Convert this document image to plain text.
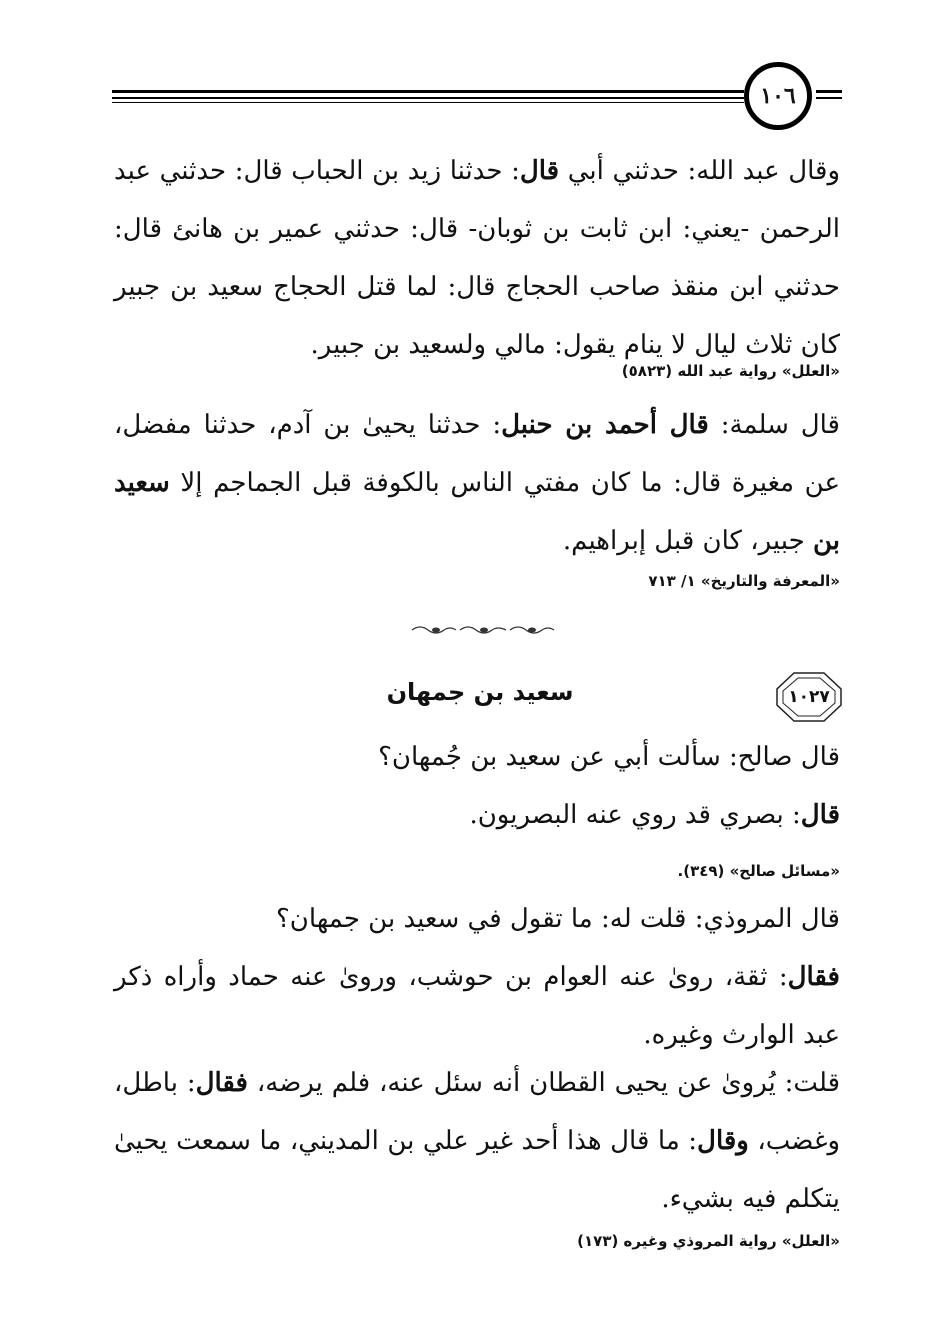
١٠٦

وقال عبد الله: حدثني أبي قال: حدثنا زيد بن الحباب قال: حدثني عبد الرحمن -يعني: ابن ثابت بن ثوبان- قال: حدثني عمير بن هانئ قال: حدثني ابن منقذ صاحب الحجاج قال: لما قتل الحجاج سعيد بن جبير كان ثلاث ليال لا ينام يقول: مالي ولسعيد بن جبير.

«العلل» رواية عبد الله (٥٨٢٣)

قال سلمة: قال أحمد بن حنبل: حدثنا يحيىٰ بن آدم، حدثنا مفضل، عن مغيرة قال: ما كان مفتي الناس بالكوفة قبل الجماجم إلا سعيد بن جبير، كان قبل إبراهيم.

«المعرفة والتاريخ» ١/ ٧١٣
١٠٢٧
سعيد بن جمهان

قال صالح: سألت أبي عن سعيد بن جُمهان؟

قال: بصري قد روي عنه البصريون.

«مسائل صالح» (٣٤٩).

قال المروذي: قلت له: ما تقول في سعيد بن جمهان؟

فقال: ثقة، روىٰ عنه العوام بن حوشب، وروىٰ عنه حماد وأراه ذكر عبد الوارث وغيره.

قلت: يُروىٰ عن يحيى القطان أنه سئل عنه، فلم يرضه، فقال: باطل، وغضب، وقال: ما قال هذا أحد غير علي بن المديني، ما سمعت يحيىٰ يتكلم فيه بشيء.

«العلل» رواية المروذي وغيره (١٧٣)
